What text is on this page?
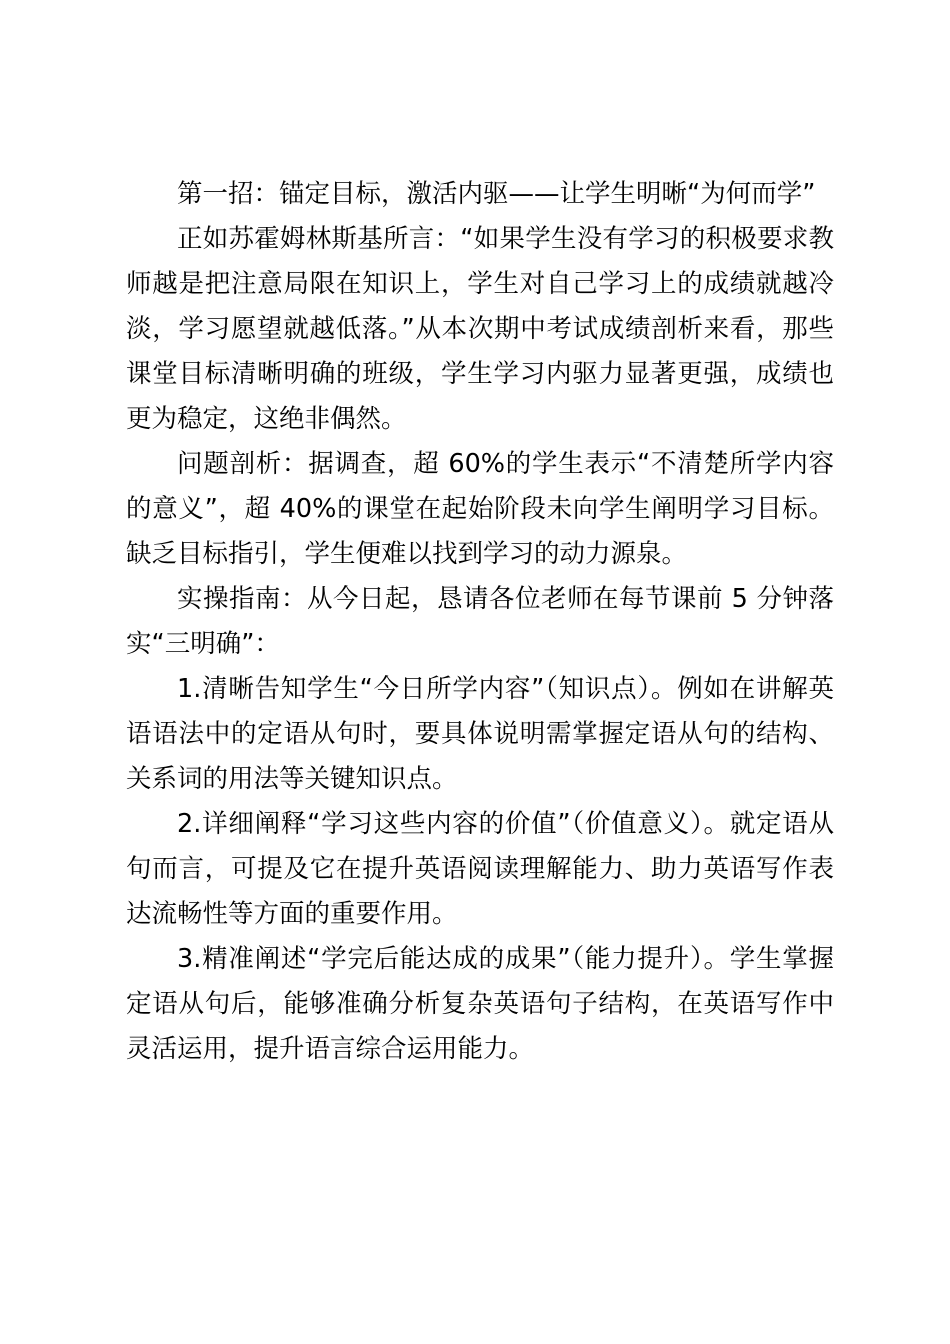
第一招：锚定目标，激活内驱——让学生明晰“为何而学”

正如苏霍姆林斯基所言：“如果学生没有学习的积极要求教师越是把注意局限在知识上，学生对自己学习上的成绩就越冷淡，学习愿望就越低落。”从本次期中考试成绩剖析来看，那些课堂目标清晰明确的班级，学生学习内驱力显著更强，成绩也更为稳定，这绝非偶然。

问题剖析：据调查，超 60%的学生表示“不清楚所学内容的意义”，超 40%的课堂在起始阶段未向学生阐明学习目标。缺乏目标指引，学生便难以找到学习的动力源泉。

实操指南：从今日起，恳请各位老师在每节课前 5 分钟落实“三明确”：

1.清晰告知学生“今日所学内容”（知识点）。例如在讲解英语语法中的定语从句时，要具体说明需掌握定语从句的结构、关系词的用法等关键知识点。

2.详细阐释“学习这些内容的价值”（价值意义）。就定语从句而言，可提及它在提升英语阅读理解能力、助力英语写作表达流畅性等方面的重要作用。

3.精准阐述“学完后能达成的成果”（能力提升）。学生掌握定语从句后，能够准确分析复杂英语句子结构，在英语写作中灵活运用，提升语言综合运用能力。
